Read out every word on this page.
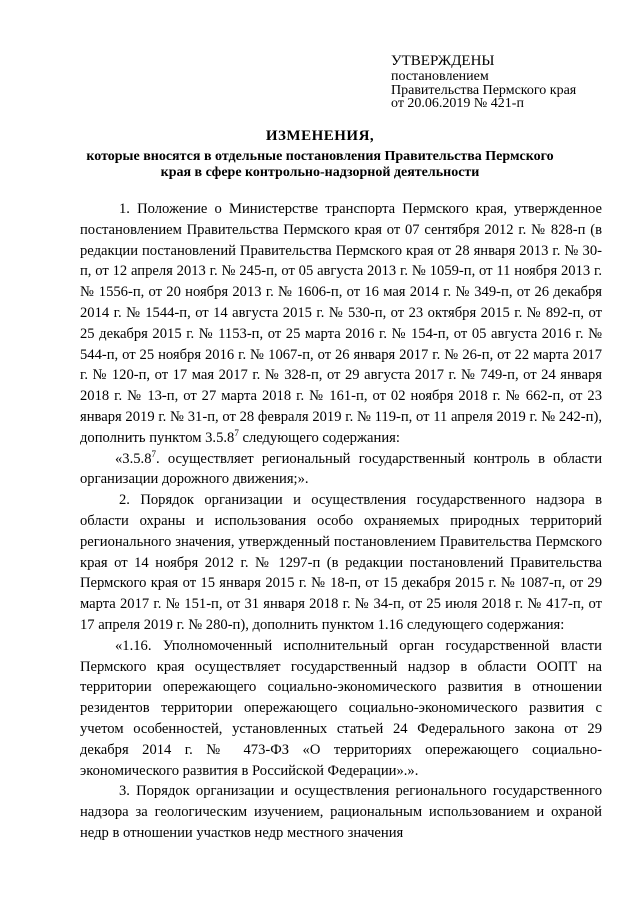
УТВЕРЖДЕНЫ
постановлением
Правительства Пермского края
от 20.06.2019 № 421-п
ИЗМЕНЕНИЯ,
которые вносятся в отдельные постановления Правительства Пермского края в сфере контрольно-надзорной деятельности

1. Положение о Министерстве транспорта Пермского края, утвержденное постановлением Правительства Пермского края от 07 сентября 2012 г. № 828-п (в редакции постановлений Правительства Пермского края от 28 января 2013 г. № 30-п, от 12 апреля 2013 г. № 245-п, от 05 августа 2013 г. № 1059-п, от 11 ноября 2013 г. № 1556-п, от 20 ноября 2013 г. № 1606-п, от 16 мая 2014 г. № 349-п, от 26 декабря 2014 г. № 1544-п, от 14 августа 2015 г. № 530-п, от 23 октября 2015 г. № 892-п, от 25 декабря 2015 г. № 1153-п, от 25 марта 2016 г. № 154-п, от 05 августа 2016 г. № 544-п, от 25 ноября 2016 г. № 1067-п, от 26 января 2017 г. № 26-п, от 22 марта 2017 г. № 120-п, от 17 мая 2017 г. № 328-п, от 29 августа 2017 г. № 749-п, от 24 января 2018 г. № 13-п, от 27 марта 2018 г. № 161-п, от 02 ноября 2018 г. № 662-п, от 23 января 2019 г. № 31-п, от 28 февраля 2019 г. № 119-п, от 11 апреля 2019 г. № 242-п), дополнить пунктом 3.5.8$^7$ следующего содержания:

«3.5.8$^7$. осуществляет региональный государственный контроль в области организации дорожного движения;».

2. Порядок организации и осуществления государственного надзора в области охраны и использования особо охраняемых природных территорий регионального значения, утвержденный постановлением Правительства Пермского края от 14 ноября 2012 г. № 1297-п (в редакции постановлений Правительства Пермского края от 15 января 2015 г. № 18-п, от 15 декабря 2015 г. № 1087-п, от 29 марта 2017 г. № 151-п, от 31 января 2018 г. № 34-п, от 25 июля 2018 г. № 417-п, от 17 апреля 2019 г. № 280-п), дополнить пунктом 1.16 следующего содержания:

«1.16. Уполномоченный исполнительный орган государственной власти Пермского края осуществляет государственный надзор в области ООПТ на территории опережающего социально-экономического развития в отношении резидентов территории опережающего социально-экономического развития с учетом особенностей, установленных статьей 24 Федерального закона от 29 декабря 2014 г. № 473-ФЗ «О территориях опережающего социально-экономического развития в Российской Федерации».».

3. Порядок организации и осуществления регионального государственного надзора за геологическим изучением, рациональным использованием и охраной недр в отношении участков недр местного значения
